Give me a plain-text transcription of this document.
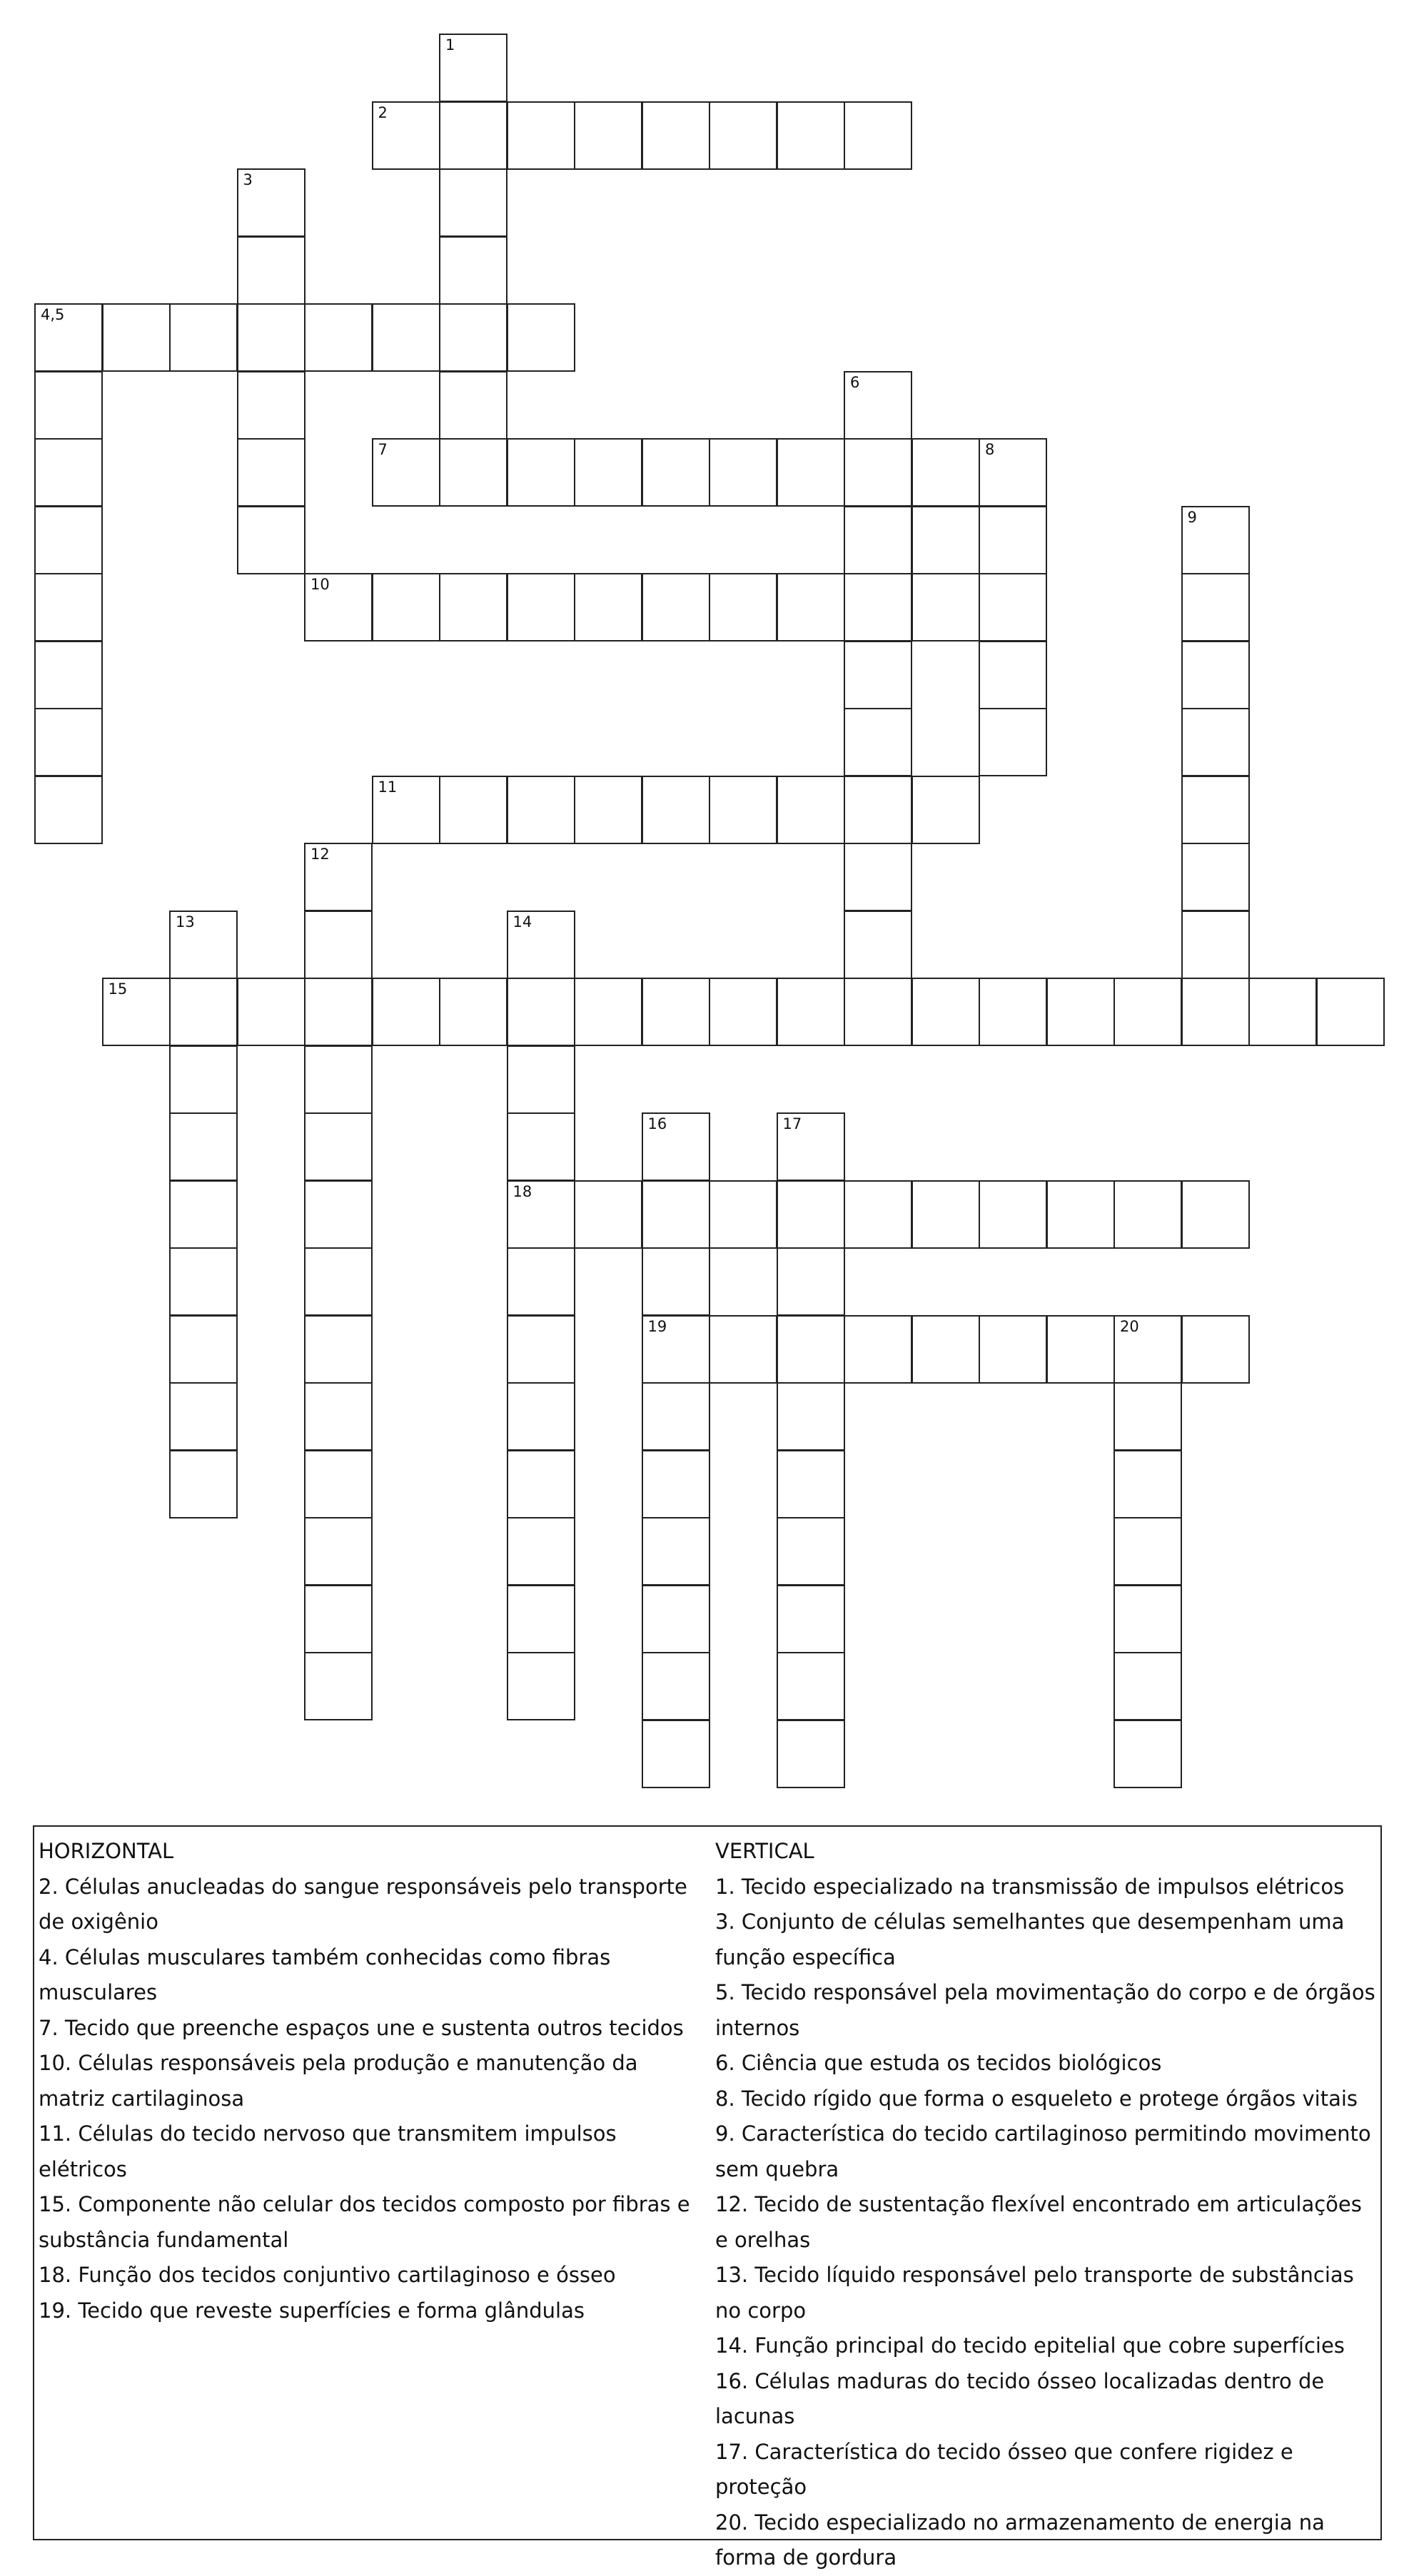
1
2
3
4,5
6
7	8
9
10
11
12
13	14
15
16	17
18
19	20

HORIZONTAL

2. Células anucleadas do sangue responsáveis pelo transporte de oxigênio

4. Células musculares também conhecidas como fibras musculares

7. Tecido que preenche espaços une e sustenta outros tecidos

10. Células responsáveis pela produção e manutenção da matriz cartilaginosa

11. Células do tecido nervoso que transmitem impulsos elétricos

15. Componente não celular dos tecidos composto por fibras e substância fundamental

18. Função dos tecidos conjuntivo cartilaginoso e ósseo

19. Tecido que reveste superfícies e forma glândulas

VERTICAL

1. Tecido especializado na transmissão de impulsos elétricos

3. Conjunto de células semelhantes que desempenham uma função específica

5. Tecido responsável pela movimentação do corpo e de órgãos internos

6. Ciência que estuda os tecidos biológicos

8. Tecido rígido que forma o esqueleto e protege órgãos vitais

9. Característica do tecido cartilaginoso permitindo movimento sem quebra

12. Tecido de sustentação flexível encontrado em articulações e orelhas

13. Tecido líquido responsável pelo transporte de substâncias no corpo

14. Função principal do tecido epitelial que cobre superfícies

16. Células maduras do tecido ósseo localizadas dentro de lacunas

17. Característica do tecido ósseo que confere rigidez e proteção

20. Tecido especializado no armazenamento de energia na forma de gordura
